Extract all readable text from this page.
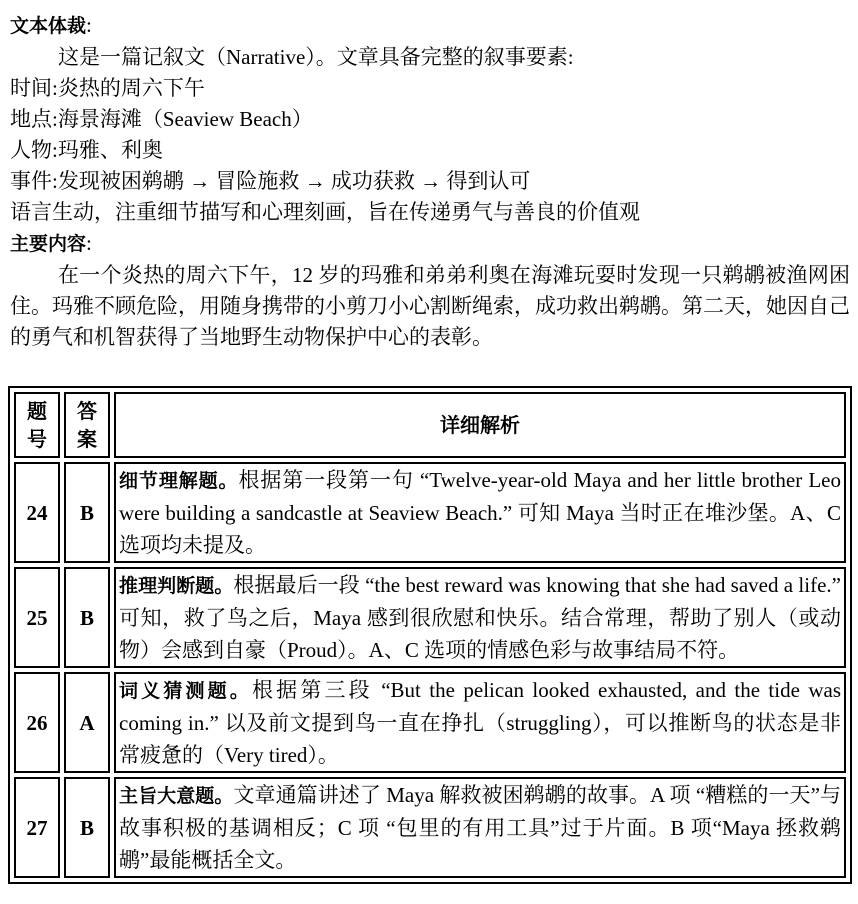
文本体裁:
这是一篇记叙文（Narrative）。文章具备完整的叙事要素:
时间:炎热的周六下午
地点:海景海滩（Seaview Beach）
人物:玛雅、利奥
事件:发现被困鹈鹕 → 冒险施救 → 成功获救 → 得到认可
语言生动，注重细节描写和心理刻画，旨在传递勇气与善良的价值观
主要内容:
在一个炎热的周六下午，12 岁的玛雅和弟弟利奥在海滩玩耍时发现一只鹈鹕被渔网困住。玛雅不顾危险，用随身携带的小剪刀小心割断绳索，成功救出鹈鹕。第二天，她因自己的勇气和机智获得了当地野生动物保护中心的表彰。
题号	答案	详细解析
24	B	细节理解题。根据第一段第一句 “Twelve-year-old Maya and her little brother Leo were building a sandcastle at Seaview Beach.” 可知 Maya 当时正在堆沙堡。A、C 选项均未提及。
25	B	推理判断题。根据最后一段 “the best reward was knowing that she had saved a life.” 可知，救了鸟之后，Maya 感到很欣慰和快乐。结合常理，帮助了别人（或动物）会感到自豪（Proud）。A、C 选项的情感色彩与故事结局不符。
26	A	词义猜测题。根据第三段 “But the pelican looked exhausted, and the tide was coming in.” 以及前文提到鸟一直在挣扎（struggling），可以推断鸟的状态是非常疲惫的（Very tired）。
27	B	主旨大意题。文章通篇讲述了 Maya 解救被困鹈鹕的故事。A 项 “糟糕的一天”与故事积极的基调相反；C 项 “包里的有用工具”过于片面。B 项“Maya 拯救鹈鹕”最能概括全文。
